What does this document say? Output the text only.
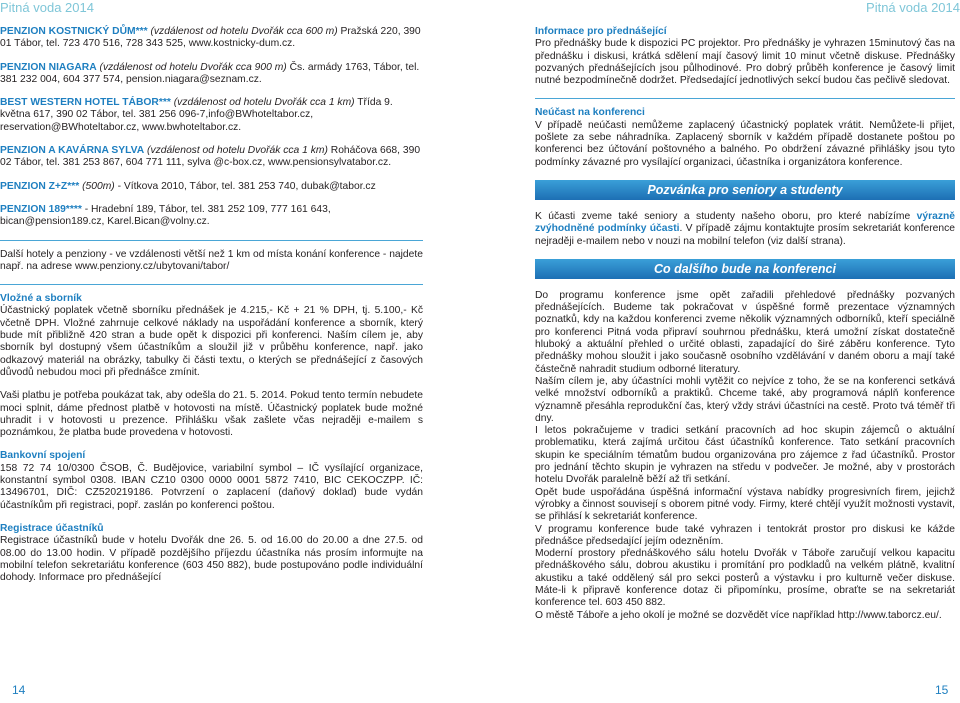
Pitná voda 2014	Pitná voda 2014
PENZION KOSTNICKÝ DŮM*** (vzdálenost od hotelu Dvořák cca 600 m) Pražská 220, 390 01 Tábor, tel. 723 470 516, 728 343 525, www.kostnicky-dum.cz.
PENZION NIAGARA (vzdálenost od hotelu Dvořák cca 900 m) Čs. armády 1763, Tábor, tel. 381 232 004, 604 377 574, pension.niagara@seznam.cz.
BEST WESTERN HOTEL TÁBOR*** (vzdálenost od hotelu Dvořák cca 1 km) Třída 9. května 617, 390 02 Tábor, tel. 381 256 096-7,info@BWhoteltabor.cz, reservation@BWhoteltabor.cz, www.bwhoteltabor.cz.
PENZION A KAVÁRNA SYLVA (vzdálenost od hotelu Dvořák cca 1 km) Roháčova 668, 390 02 Tábor, tel. 381 253 867, 604 771 111, sylva @c-box.cz, www.pensionsylvatabor.cz.
PENZION Z+Z*** (500m) - Vítkova 2010, Tábor, tel. 381 253 740, dubak@tabor.cz
PENZION 189**** - Hradební 189, Tábor, tel. 381 252 109, 777 161 643, bican@pension189.cz, Karel.Bican@volny.cz.
Další hotely a penziony - ve vzdálenosti větší než 1 km od místa konání konference - najdete např. na adrese www.penziony.cz/ubytovani/tabor/
Vložné a sborník
Účastnický poplatek včetně sborníku přednášek je 4.215,- Kč + 21 % DPH, tj. 5.100,- Kč včetně DPH. Vložné zahrnuje celkové náklady na uspořádání konference a sborník, který bude mít přibližně 420 stran a bude opět k dispozici při konferenci. Naším cílem je, aby sborník byl dostupný všem účastníkům a sloužil již v průběhu konference, např. jako odkazový materiál na obrázky, tabulky či části textu, o kterých se přednášející z časových důvodů nebudou moci při přednášce zmínit.
Vaši platbu je potřeba poukázat tak, aby odešla do 21. 5. 2014. Pokud tento termín nebudete moci splnit, dáme přednost platbě v hotovosti na místě. Účastnický poplatek bude možné uhradit i v hotovosti u prezence. Přihlášku však zašlete včas nejraději e-mailem s poznámkou, že platba bude provedena v hotovosti.
Bankovní spojení
158 72 74 10/0300 ČSOB, Č. Budějovice, variabilní symbol – IČ vysílající organizace, konstantní symbol 0308. IBAN CZ10 0300 0000 0001 5872 7410, BIC CEKOCZPP. IČ: 13496701, DIČ: CZ520219186. Potvrzení o zaplacení (daňový doklad) bude vydán účastníkům při registraci, popř. zaslán po konferenci poštou.
Registrace účastníků
Registrace účastníků bude v hotelu Dvořák dne 26. 5. od 16.00 do 20.00 a dne 27.5. od 08.00 do 13.00 hodin. V případě pozdějšího příjezdu účastníka nás prosím informujte na mobilní telefon sekretariátu konference (603 450 882), bude postupováno podle individuální dohody. Informace pro přednášející
Informace pro přednášející
Pro přednášky bude k dispozici PC projektor. Pro přednášky je vyhrazen 15minutový čas na přednášku i diskusi, krátká sdělení mají časový limit 10 minut včetně diskuse. Přednášky pozvaných přednášejících jsou půlhodinové. Pro dobrý průběh konference je časový limit nutné bezpodmínečně dodržet. Předsedající jednotlivých sekcí budou čas pečlivě sledovat.
Neúčast na konferenci
V případě neúčasti nemůžeme zaplacený účastnický poplatek vrátit. Nemůžete-li přijet, pošlete za sebe náhradníka. Zaplacený sborník v každém případě dostanete poštou po konferenci bez účtování poštovného a balného. Po obdržení závazné přihlášky jsou tyto podmínky závazné pro vysílající organizaci, účastníka i organizátora konference.
Pozvánka pro seniory a studenty
K účasti zveme také seniory a studenty našeho oboru, pro které nabízíme výrazně zvýhodněné podmínky účasti. V případě zájmu kontaktujte prosím sekretariát konference nejraději e-mailem nebo v nouzi na mobilní telefon (viz další strana).
Co dalšího bude na konferenci
Do programu konference jsme opět zařadili přehledové přednášky pozvaných přednášejících. Budeme tak pokračovat v úspěšné formě prezentace významných poznatků, kdy na každou konferenci zveme několik významných odborníků, kteří speciálně pro konferenci Pitná voda připraví souhrnou přednášku, která umožní získat dostatečně hluboký a aktuální přehled o určité oblasti, zapadající do širé záběru konference. Tyto přednášky mohou sloužit i jako současně osobního vzdělávání v daném oboru a mají také částečně nahradit studium odborné literatury.
Naším cílem je, aby účastníci mohli vytěžit co nejvíce z toho, že se na konferenci setkává velké množství odborníků a praktiků. Chceme také, aby programová náplň konference významně přesáhla reprodukční čas, který vždy strávi účastníci na cestě. Proto tvá téměř tři dny.
I letos pokračujeme v tradici setkání pracovních ad hoc skupin zájemců o aktuální problematiku, která zajímá určitou část účastníků konference. Tato setkání pracovních skupin ke speciálním tématům budou organizována pro zájemce z řad účastníků. Prostor pro jednání těchto skupin je vyhrazen na středu v podvečer. Je možné, aby v prostorách hotelu Dvořák paralelně běží až tři setkání.
Opět bude uspořádána úspěšná informační výstava nabídky progresivních firem, jejichž výrobky a činnost souvisejí s oborem pitné vody. Firmy, které chtějí využít možnosti vystavit, se přihlásí k sekretariát konference.
V programu konference bude také vyhrazen i tentokrát prostor pro diskusi ke kážde přednášce předsedající jejím odezněním.
Moderní prostory přednáškového sálu hotelu Dvořák v Táboře zaručují velkou kapacitu přednáškového sálu, dobrou akustiku i promítání pro podkladů na velkém plátně, kvalitní akustiku a také oddělený sál pro sekci posterů a výstavku i pro kulturně večer diskuse. Máte-li k připravě konference dotaz či připomínku, prosíme, obraťte se na sekretariát konference tel. 603 450 882.
O městě Táboře a jeho okolí je možné se dozvědět více například http://www.taborcz.eu/.
14	15
